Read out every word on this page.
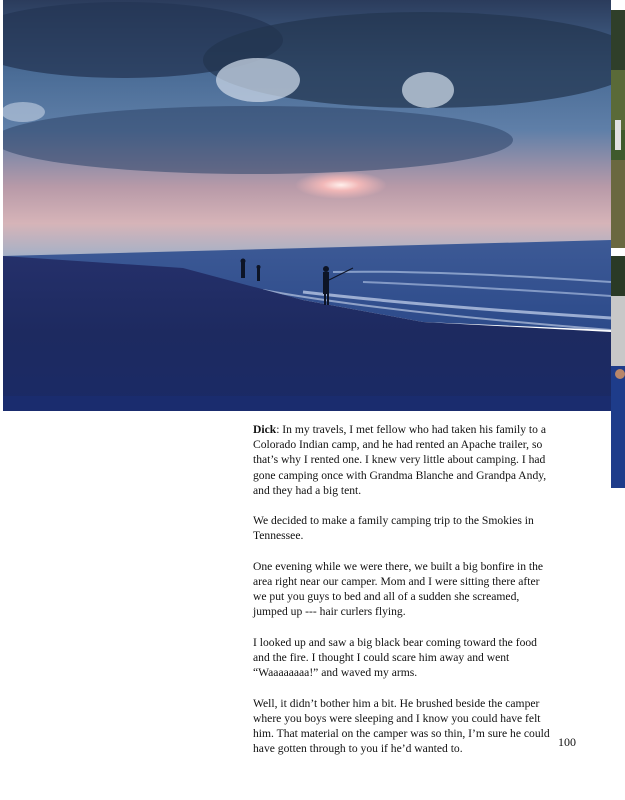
Dick: In my travels, I met fellow who had taken his family to a Colorado Indian camp, and he had rented an Apache trailer, so that’s why I rented one. I knew very little about camping. I had gone camping once with Grandma Blanche and Grandpa Andy, and they had a big tent.

We decided to make a family camping trip to the Smokies in Tennessee.

One evening while we were there, we built a big bonfire in the area right near our camper. Mom and I were sitting there after we put you guys to bed and all of a sudden she screamed, jumped up --- hair curlers flying.

I looked up and saw a big black bear coming toward the food and the fire. I thought I could scare him away and went “Waaaaaaaa!” and waved my arms.

Well, it didn’t bother him a bit. He brushed beside the camper where you boys were sleeping and I know you could have felt him. That material on the camper was so thin, I’m sure he could have gotten through to you if he’d wanted to.	100
